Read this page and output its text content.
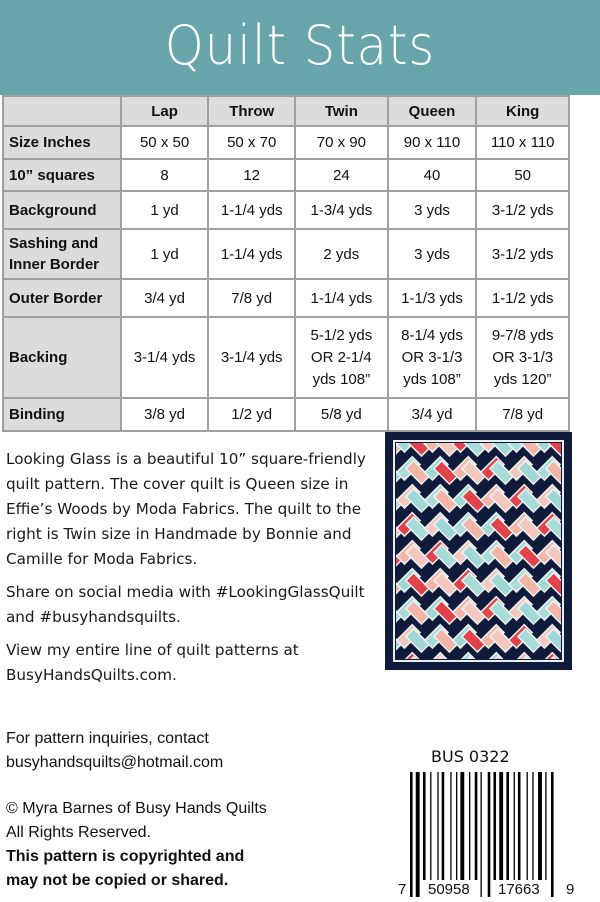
Quilt Stats
	Lap	Throw	Twin	Queen	King
Size Inches	50 x 50	50 x 70	70 x 90	90 x 110	110 x 110
10” squares	8	12	24	40	50
Background	1 yd	1-1/4 yds	1-3/4 yds	3 yds	3-1/2 yds
Sashing and Inner Border	1 yd	1-1/4 yds	2 yds	3 yds	3-1/2 yds
Outer Border	3/4 yd	7/8 yd	1-1/4 yds	1-1/3 yds	1-1/2 yds
Backing	3-1/4 yds	3-1/4 yds	5-1/2 yds OR 2-1/4 yds 108”	8-1/4 yds OR 3-1/3 yds 108”	9-7/8 yds OR 3-1/3 yds 120”
Binding	3/8 yd	1/2 yd	5/8 yd	3/4 yd	7/8 yd

Looking Glass is a beautiful 10” square-friendly quilt pattern. The cover quilt is Queen size in Effie’s Woods by Moda Fabrics. The quilt to the right is Twin size in Handmade by Bonnie and Camille for Moda Fabrics.

Share on social media with #LookingGlassQuilt and #busyhandsquilts.

View my entire line of quilt patterns at BusyHandsQuilts.com.

For pattern inquiries, contact
busyhandsquilts@hotmail.com
© Myra Barnes of Busy Hands Quilts
All Rights Reserved.
This pattern is copyrighted and
may not be copied or shared.
BUS 0322
7 50958 17663 9
